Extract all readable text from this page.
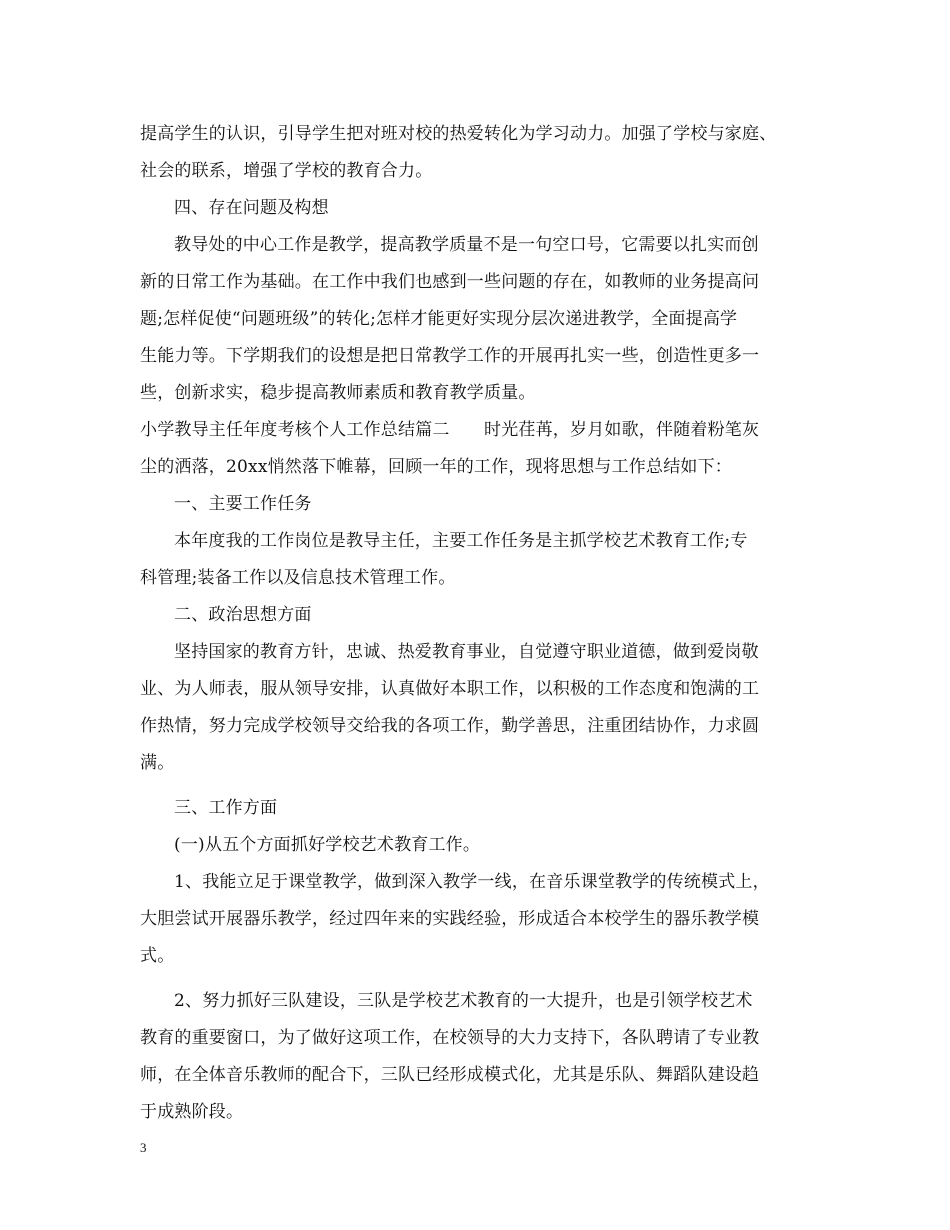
提高学生的认识，引导学生把对班对校的热爱转化为学习动力。加强了学校与家庭、
社会的联系，增强了学校的教育合力。
四、存在问题及构想
教导处的中心工作是教学，提高教学质量不是一句空口号，它需要以扎实而创
新的日常工作为基础。在工作中我们也感到一些问题的存在，如教师的业务提高问
题;怎样促使“问题班级”的转化;怎样才能更好实现分层次递进教学，全面提高学
生能力等。下学期我们的设想是把日常教学工作的开展再扎实一些，创造性更多一
些，创新求实，稳步提高教师素质和教育教学质量。
小学教导主任年度考核个人工作总结篇二　　时光荏苒，岁月如歌，伴随着粉笔灰
尘的洒落，20xx悄然落下帷幕，回顾一年的工作，现将思想与工作总结如下：
一、主要工作任务
本年度我的工作岗位是教导主任，主要工作任务是主抓学校艺术教育工作;专
科管理;装备工作以及信息技术管理工作。
二、政治思想方面
坚持国家的教育方针，忠诚、热爱教育事业，自觉遵守职业道德，做到爱岗敬
业、为人师表，服从领导安排，认真做好本职工作，以积极的工作态度和饱满的工
作热情，努力完成学校领导交给我的各项工作，勤学善思，注重团结协作，力求圆
满。
三、工作方面
(一)从五个方面抓好学校艺术教育工作。
1、我能立足于课堂教学，做到深入教学一线，在音乐课堂教学的传统模式上，
大胆尝试开展器乐教学，经过四年来的实践经验，形成适合本校学生的器乐教学模
式。
2、努力抓好三队建设，三队是学校艺术教育的一大提升，也是引领学校艺术
教育的重要窗口，为了做好这项工作，在校领导的大力支持下，各队聘请了专业教
师，在全体音乐教师的配合下，三队已经形成模式化，尤其是乐队、舞蹈队建设趋
于成熟阶段。
3
